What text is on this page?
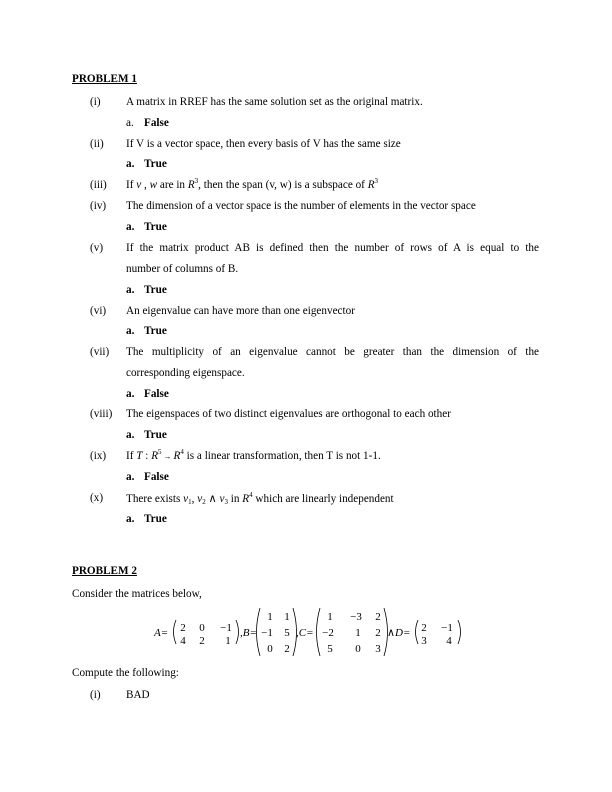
PROBLEM 1
(i) A matrix in RREF has the same solution set as the original matrix.
a. False
(ii) If V is a vector space, then every basis of V has the same size
a. True
(iii) If v , w are in $R^3$, then the span (v, w) is a subspace of $R^3$
(iv) The dimension of a vector space is the number of elements in the vector space
a. True
(v) If the matrix product AB is defined then the number of rows of A is equal to the
number of columns of B.
a. True
(vi) An eigenvalue can have more than one eigenvector
a. True
(vii) The multiplicity of an eigenvalue cannot be greater than the dimension of the
corresponding eigenspace.
a. False
(viii) The eigenspaces of two distinct eigenvalues are orthogonal to each other
a. True
(ix) If T : $R^5 \to R^4$ is a linear transformation, then T is not 1-1.
a. False
(x) There exists $v_1$, $v_2$ ∧ $v_3$ in $R^4$ which are linearly independent
a. True
PROBLEM 2
Consider the matrices below,
A= 2 0 −1
4 2 1
,B=
1 1
−1 5
0 2
,C=
1 −3 2
−2 1 2
5 0 3
∧D= 2 −1
3 4
Compute the following:
(i) BAD
